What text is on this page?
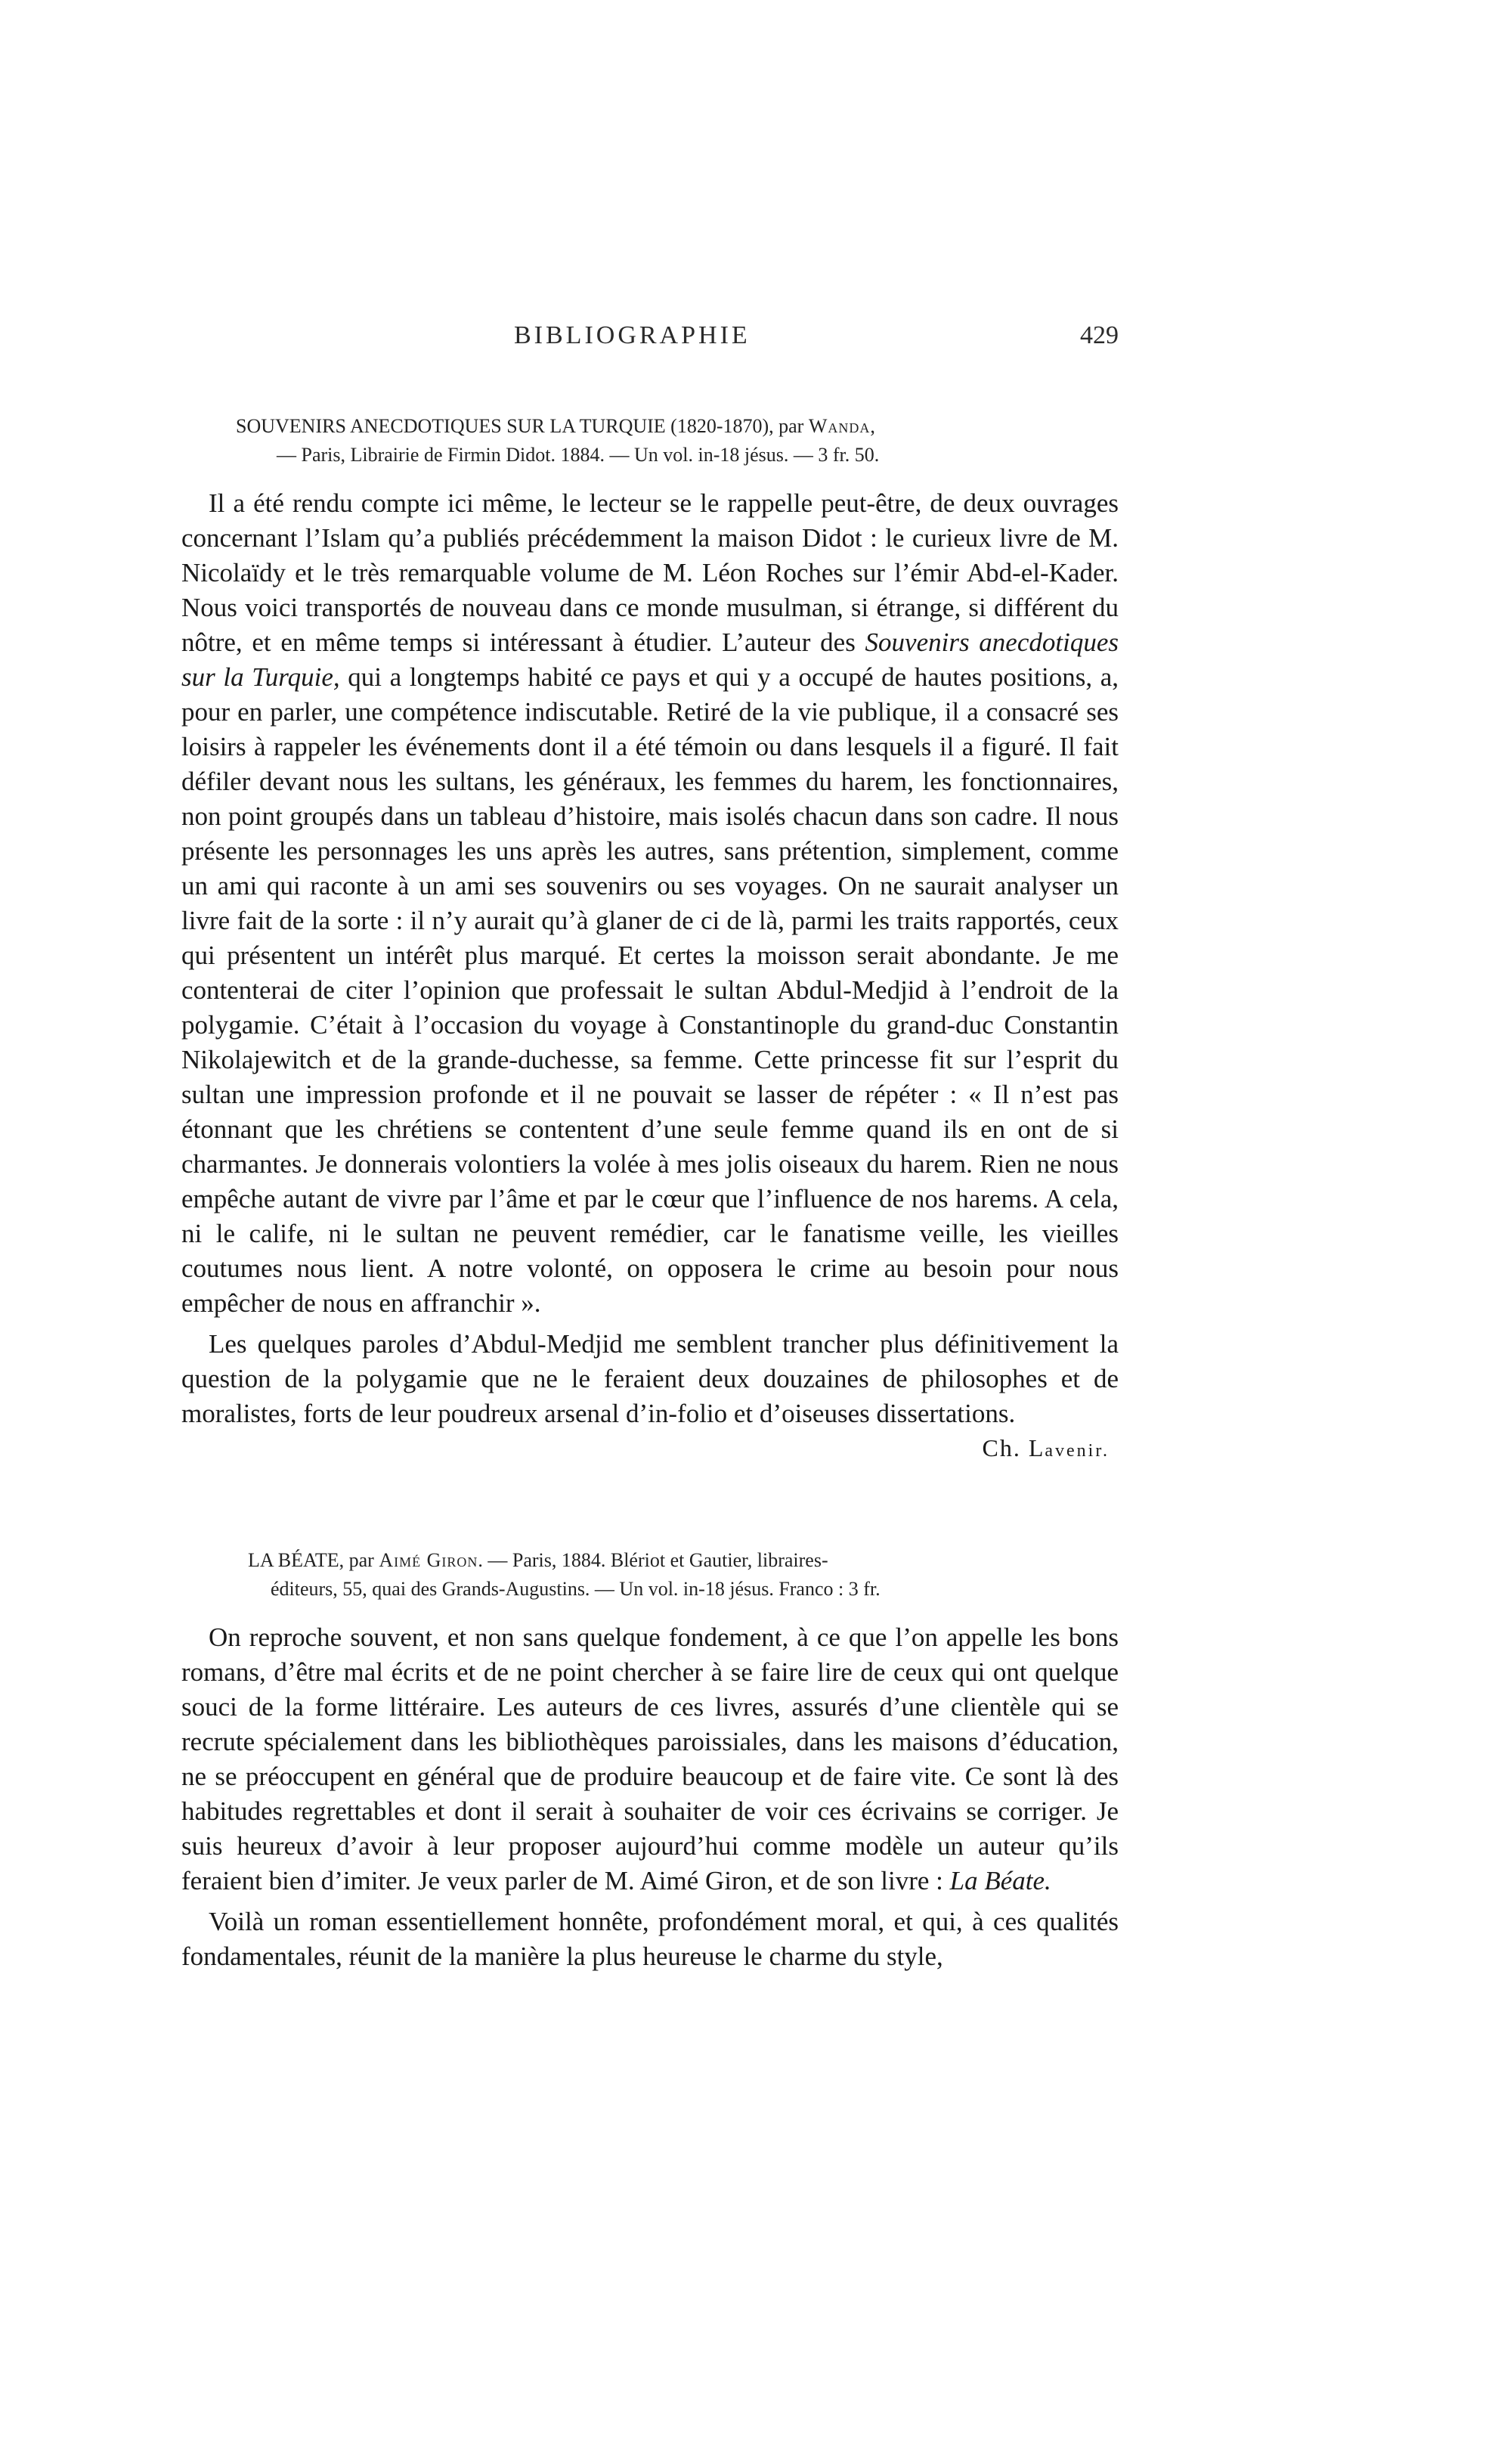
BIBLIOGRAPHIE	429
SOUVENIRS ANECDOTIQUES SUR LA TURQUIE (1820-1870), par Wanda,
— Paris, Librairie de Firmin Didot. 1884. — Un vol. in-18 jésus. — 3 fr. 50.

Il a été rendu compte ici même, le lecteur se le rappelle peut-être, de deux ouvrages concernant l’Islam qu’a publiés précédemment la maison Didot : le curieux livre de M. Nicolaïdy et le très remarquable volume de M. Léon Roches sur l’émir Abd-el-Kader. Nous voici transportés de nouveau dans ce monde musulman, si étrange, si différent du nôtre, et en même temps si intéressant à étudier. L’auteur des Souvenirs anecdotiques sur la Turquie, qui a longtemps habité ce pays et qui y a occupé de hautes positions, a, pour en parler, une compétence indiscutable. Retiré de la vie publique, il a consacré ses loisirs à rappeler les événements dont il a été témoin ou dans lesquels il a figuré. Il fait défiler devant nous les sultans, les généraux, les femmes du harem, les fonctionnaires, non point groupés dans un tableau d’histoire, mais isolés chacun dans son cadre. Il nous présente les personnages les uns après les autres, sans prétention, simplement, comme un ami qui raconte à un ami ses souvenirs ou ses voyages. On ne saurait analyser un livre fait de la sorte : il n’y aurait qu’à glaner de ci de là, parmi les traits rapportés, ceux qui présentent un intérêt plus marqué. Et certes la moisson serait abondante. Je me contenterai de citer l’opinion que professait le sultan Abdul-Medjid à l’endroit de la polygamie. C’était à l’occasion du voyage à Constantinople du grand-duc Constantin Nikolajewitch et de la grande-duchesse, sa femme. Cette princesse fit sur l’esprit du sultan une impression profonde et il ne pouvait se lasser de répéter : « Il n’est pas étonnant que les chrétiens se contentent d’une seule femme quand ils en ont de si charmantes. Je donnerais volontiers la volée à mes jolis oiseaux du harem. Rien ne nous empêche autant de vivre par l’âme et par le cœur que l’influence de nos harems. A cela, ni le calife, ni le sultan ne peuvent remédier, car le fanatisme veille, les vieilles coutumes nous lient. A notre volonté, on opposera le crime au besoin pour nous empêcher de nous en affranchir ».

Les quelques paroles d’Abdul-Medjid me semblent trancher plus définitivement la question de la polygamie que ne le feraient deux douzaines de philosophes et de moralistes, forts de leur poudreux arsenal d’in-folio et d’oiseuses dissertations.

Ch. Lavenir.
LA BÉATE, par Aimé Giron. — Paris, 1884. Blériot et Gautier, libraires-
éditeurs, 55, quai des Grands-Augustins. — Un vol. in-18 jésus. Franco : 3 fr.

On reproche souvent, et non sans quelque fondement, à ce que l’on appelle les bons romans, d’être mal écrits et de ne point chercher à se faire lire de ceux qui ont quelque souci de la forme littéraire. Les auteurs de ces livres, assurés d’une clientèle qui se recrute spécialement dans les bibliothèques paroissiales, dans les maisons d’éducation, ne se préoccupent en général que de produire beaucoup et de faire vite. Ce sont là des habitudes regrettables et dont il serait à souhaiter de voir ces écrivains se corriger. Je suis heureux d’avoir à leur proposer aujourd’hui comme modèle un auteur qu’ils feraient bien d’imiter. Je veux parler de M. Aimé Giron, et de son livre : La Béate.

Voilà un roman essentiellement honnête, profondément moral, et qui, à ces qualités fondamentales, réunit de la manière la plus heureuse le charme du style,
